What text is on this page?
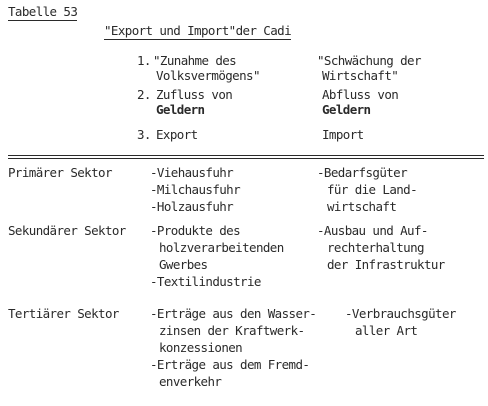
Tabelle 53
"Export und Import"der Cadi
1. "Zunahme des
Volksvermögens"
"Schwächung der
Wirtschaft"
2. Zufluss von
Geldern
Abfluss von
Geldern
3. Export	Import
Primärer Sektor	-Viehausfuhr
-Milchausfuhr
-Holzausfuhr
-Bedarfsgüter
für die Land-
wirtschaft
Sekundärer Sektor -Produkte des
holzverarbeitenden
Gwerbes
-Textilindustrie
-Ausbau und Auf-
rechterhaltung
der Infrastruktur
Tertiärer Sektor -Erträge aus den Wasser-
zinsen der Kraftwerk-
konzessionen
-Erträge aus dem Fremd-
enverkehr
-Verbrauchsgüter
aller Art
